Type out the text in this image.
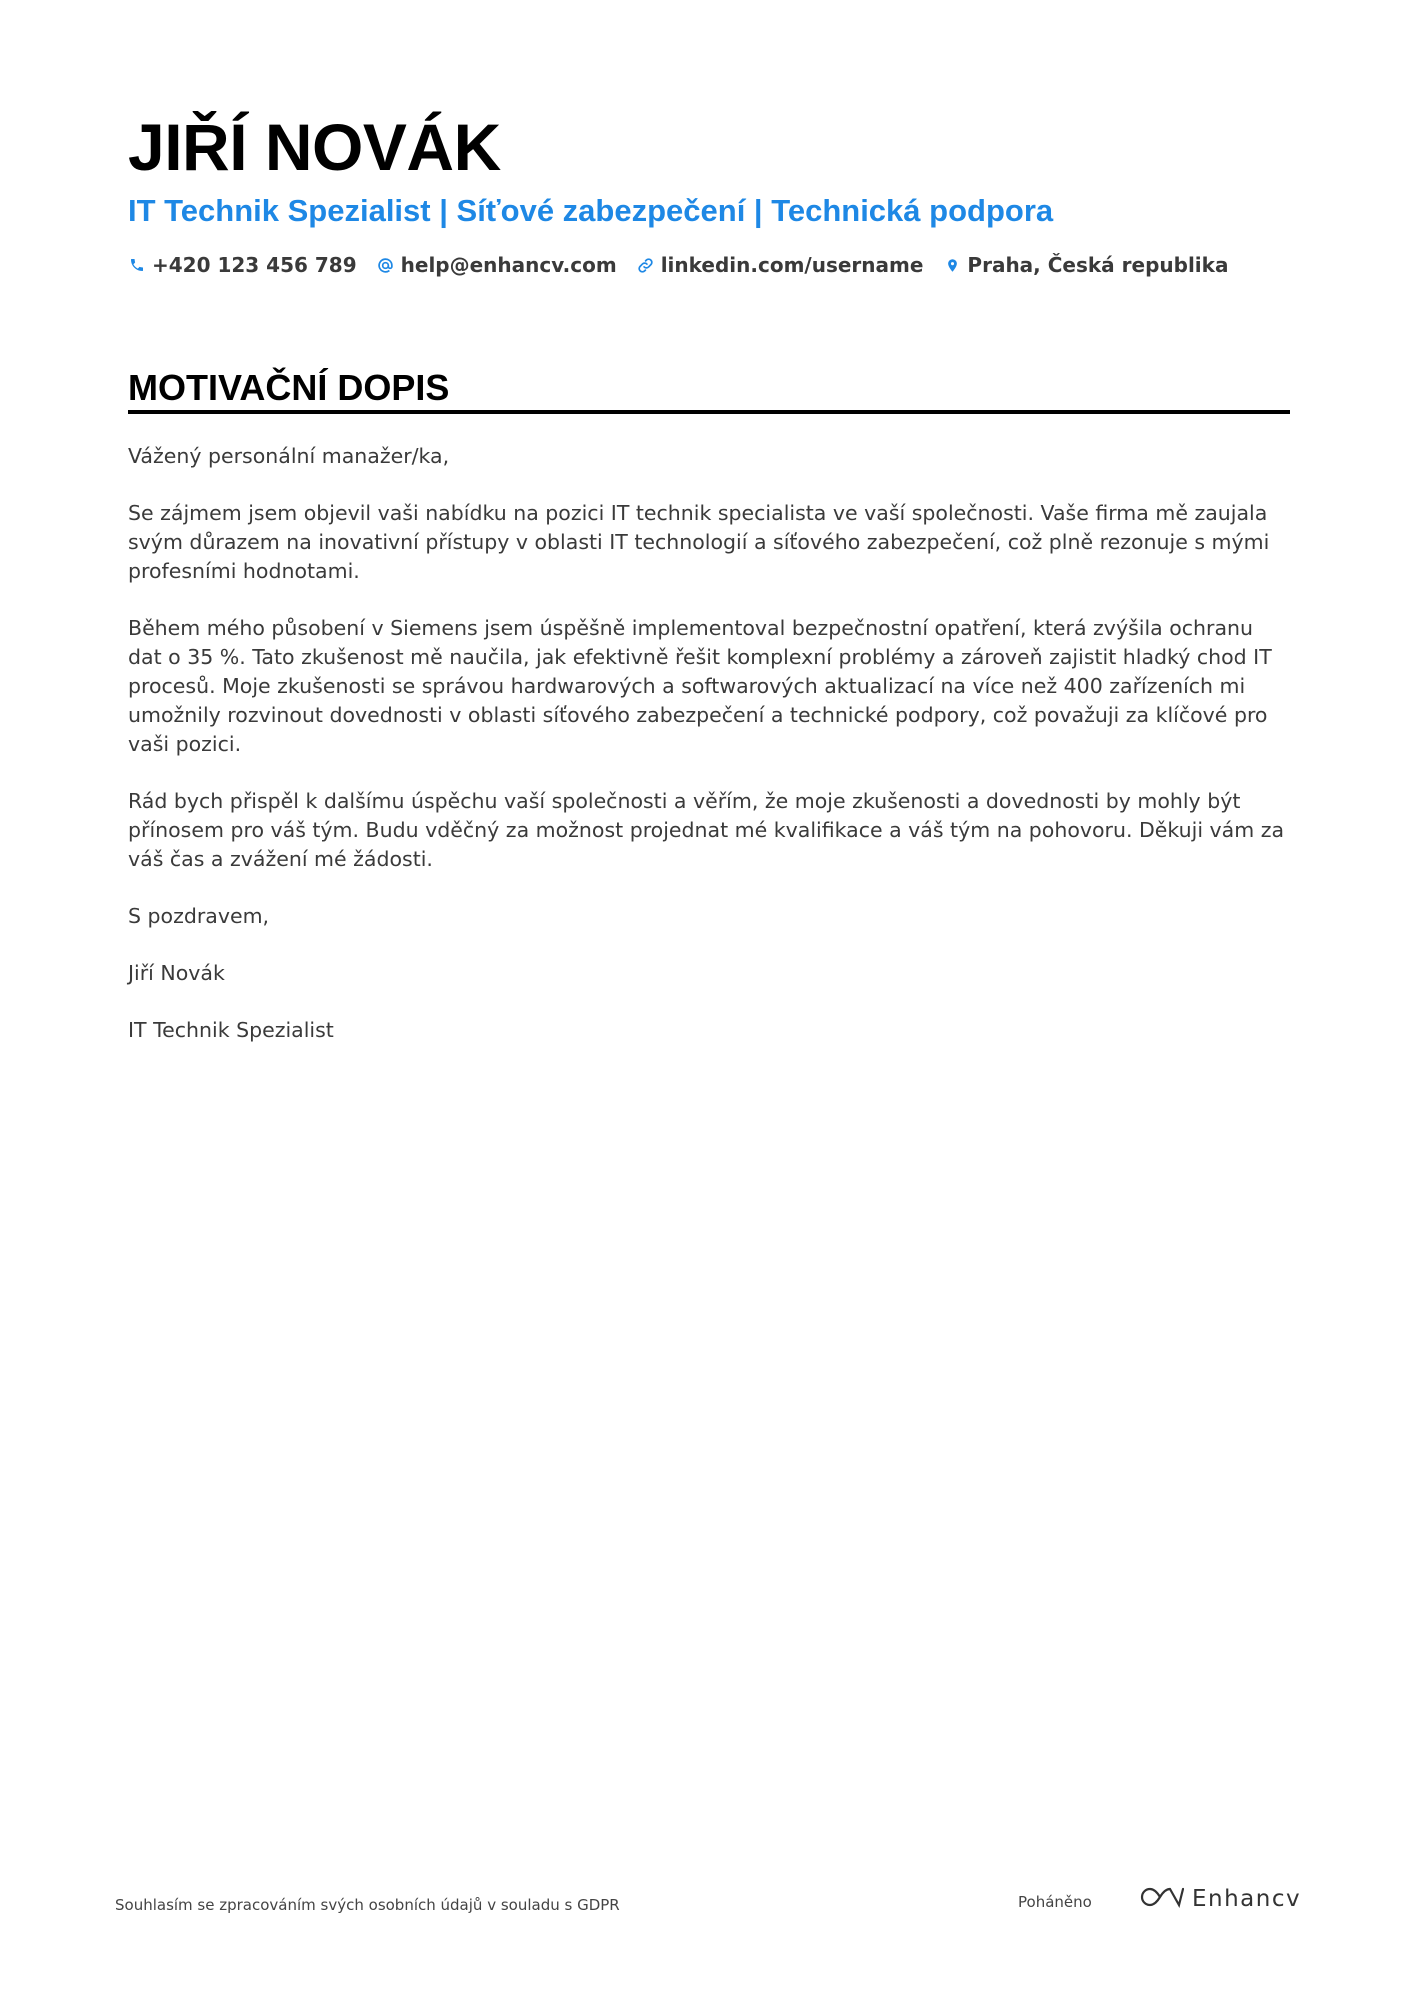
JIŘÍ NOVÁK
IT Technik Spezialist | Síťové zabezpečení | Technická podpora
+420 123 456 789 help@enhancv.com linkedin.com/username Praha, Česká republika
MOTIVAČNÍ DOPIS

Vážený personální manažer/ka,

Se zájmem jsem objevil vaši nabídku na pozici IT technik specialista ve vaší společnosti. Vaše firma mě zaujala svým důrazem na inovativní přístupy v oblasti IT technologií a síťového zabezpečení, což plně rezonuje s mými profesními hodnotami.

Během mého působení v Siemens jsem úspěšně implementoval bezpečnostní opatření, která zvýšila ochranu dat o 35 %. Tato zkušenost mě naučila, jak efektivně řešit komplexní problémy a zároveň zajistit hladký chod IT procesů. Moje zkušenosti se správou hardwarových a softwarových aktualizací na více než 400 zařízeních mi umožnily rozvinout dovednosti v oblasti síťového zabezpečení a technické podpory, což považuji za klíčové pro vaši pozici.

Rád bych přispěl k dalšímu úspěchu vaší společnosti a věřím, že moje zkušenosti a dovednosti by mohly být přínosem pro váš tým. Budu vděčný za možnost projednat mé kvalifikace a váš tým na pohovoru. Děkuji vám za váš čas a zvážení mé žádosti.

S pozdravem,

Jiří Novák

IT Technik Spezialist

Souhlasím se zpracováním svých osobních údajů v souladu s GDPR	Poháněno	Enhancv
